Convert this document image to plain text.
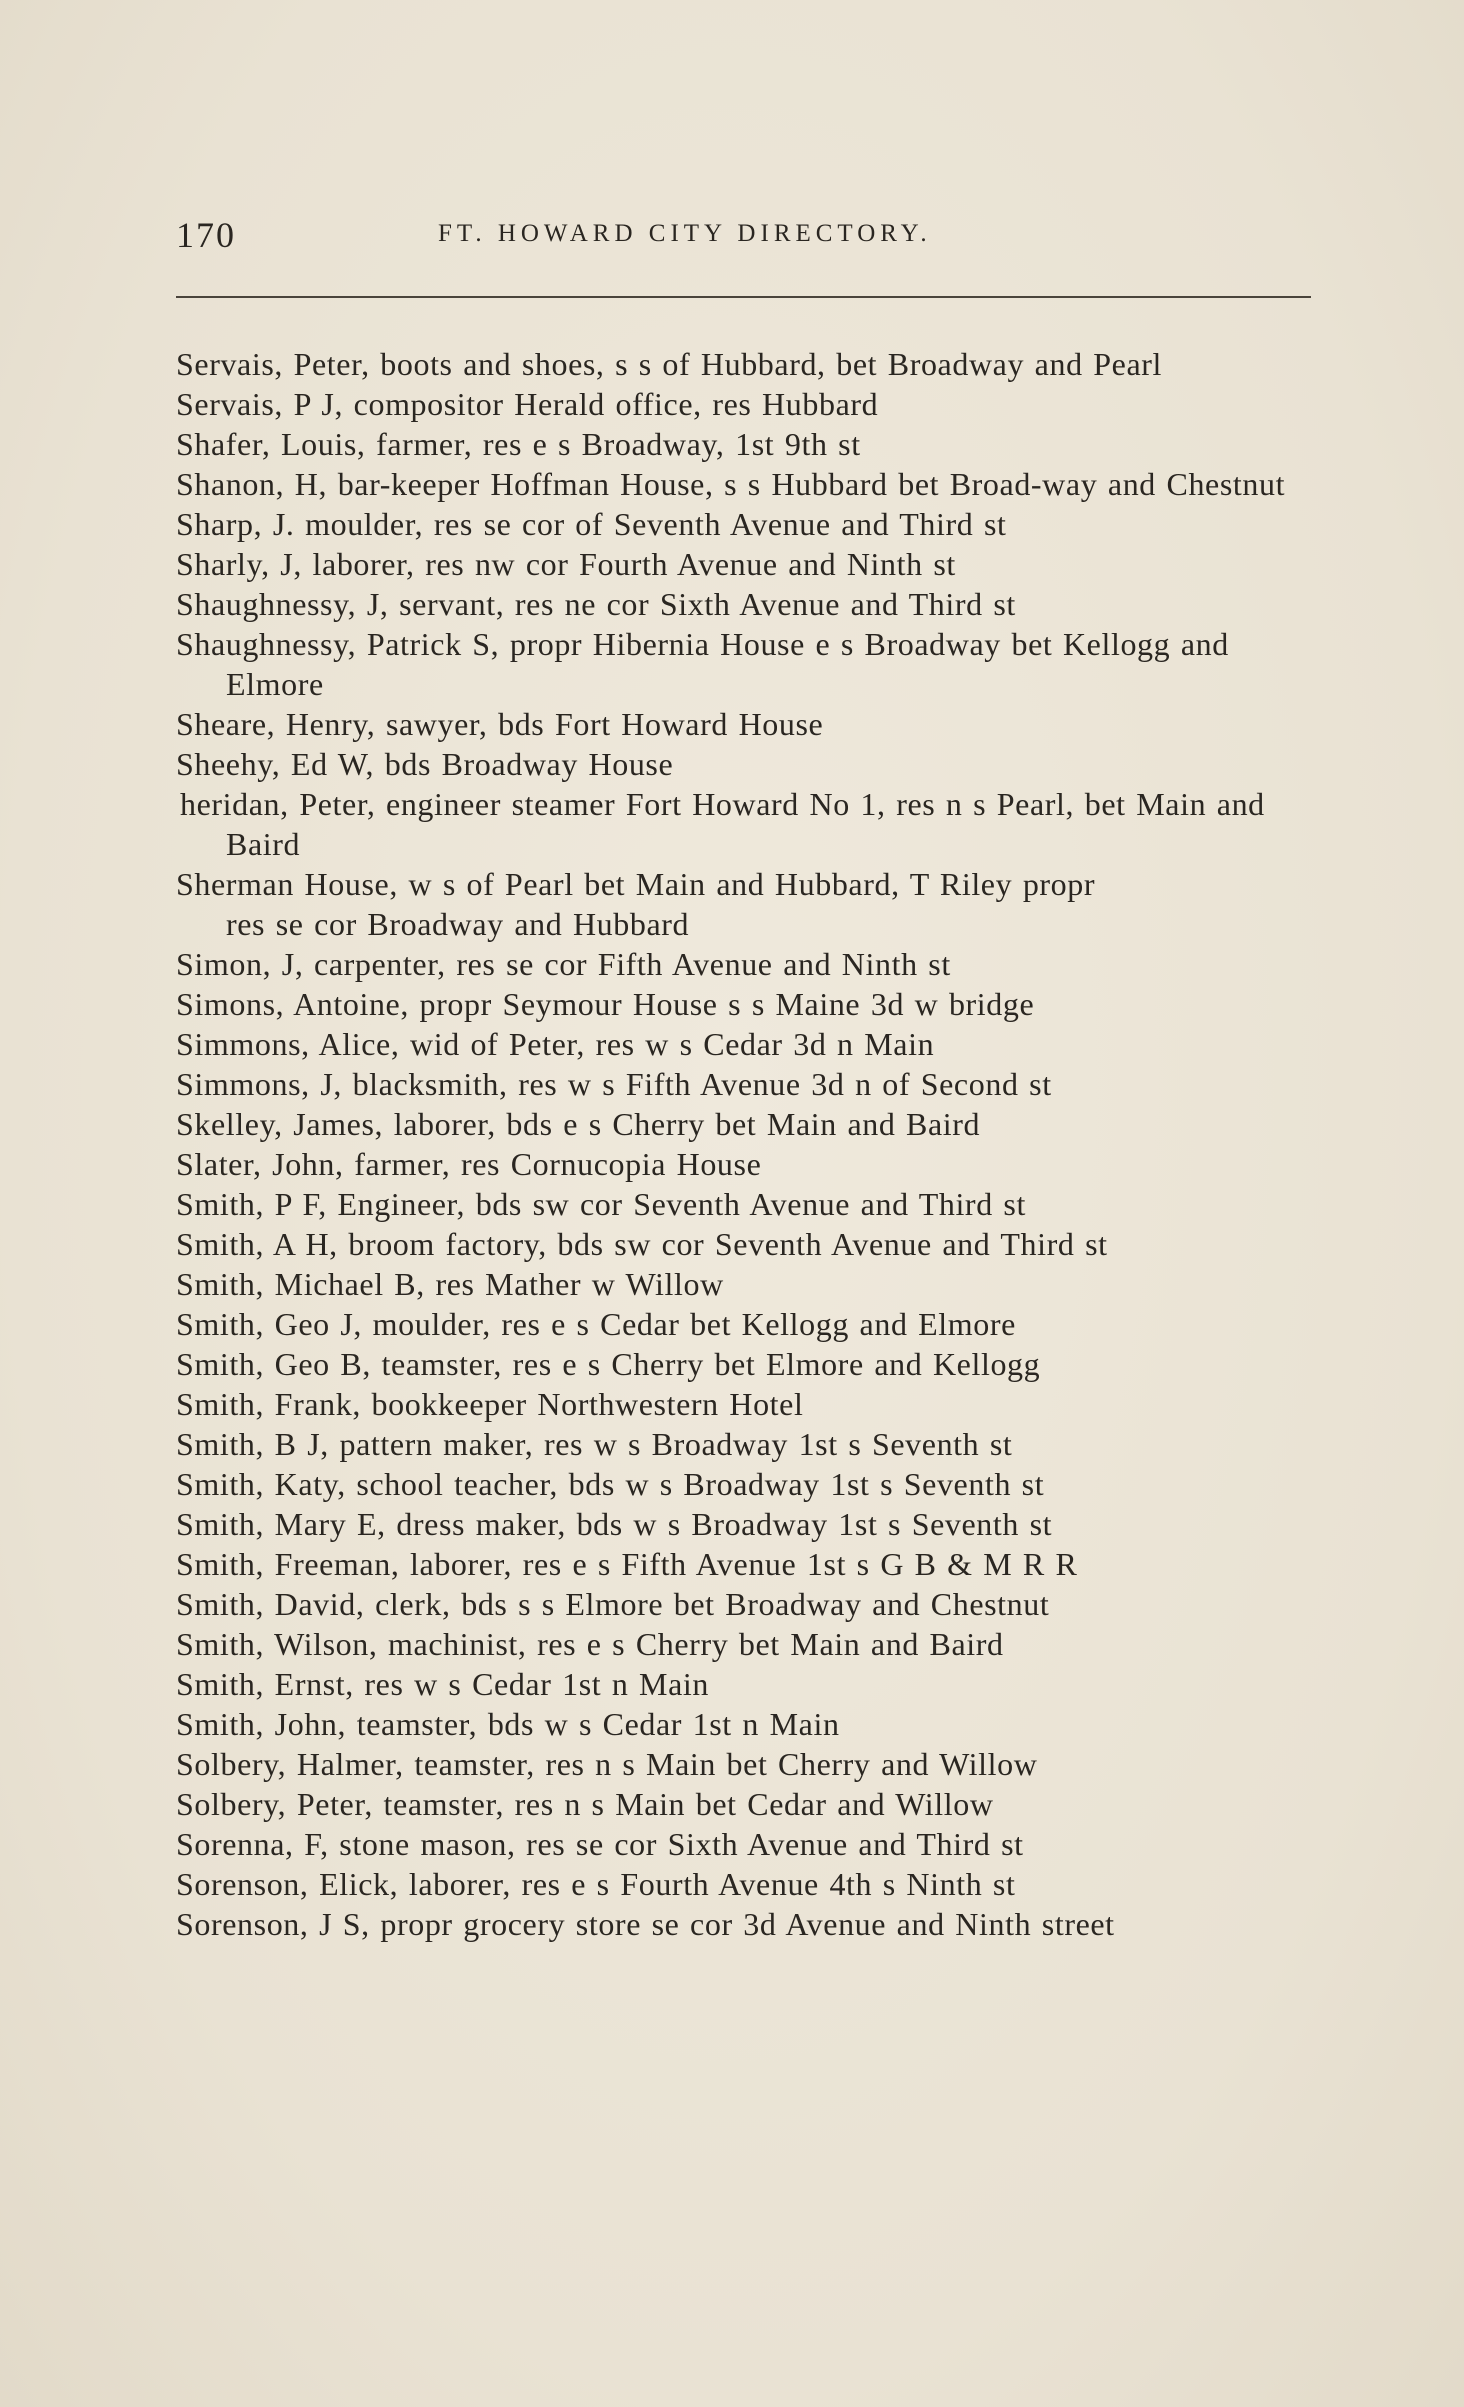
170	FT. HOWARD CITY DIRECTORY.
Servais, Peter, boots and shoes, s s of Hubbard, bet Broadway and Pearl
Servais, P J, compositor Herald office, res Hubbard
Shafer, Louis, farmer, res e s Broadway, 1st 9th st
Shanon, H, bar-keeper Hoffman House, s s Hubbard bet Broad-way and Chestnut
Sharp, J. moulder, res se cor of Seventh Avenue and Third st
Sharly, J, laborer, res nw cor Fourth Avenue and Ninth st
Shaughnessy, J, servant, res ne cor Sixth Avenue and Third st
Shaughnessy, Patrick S, propr Hibernia House e s Broadway bet Kellogg and Elmore
Sheare, Henry, sawyer, bds Fort Howard House
Sheehy, Ed W, bds Broadway House
heridan, Peter, engineer steamer Fort Howard No 1, res n s Pearl, bet Main and Baird
Sherman House, w s of Pearl bet Main and Hubbard, T Riley propr
res se cor Broadway and Hubbard
Simon, J, carpenter, res se cor Fifth Avenue and Ninth st
Simons, Antoine, propr Seymour House s s Maine 3d w bridge
Simmons, Alice, wid of Peter, res w s Cedar 3d n Main
Simmons, J, blacksmith, res w s Fifth Avenue 3d n of Second st
Skelley, James, laborer, bds e s Cherry bet Main and Baird
Slater, John, farmer, res Cornucopia House
Smith, P F, Engineer, bds sw cor Seventh Avenue and Third st
Smith, A H, broom factory, bds sw cor Seventh Avenue and Third st
Smith, Michael B, res Mather w Willow
Smith, Geo J, moulder, res e s Cedar bet Kellogg and Elmore
Smith, Geo B, teamster, res e s Cherry bet Elmore and Kellogg
Smith, Frank, bookkeeper Northwestern Hotel
Smith, B J, pattern maker, res w s Broadway 1st s Seventh st
Smith, Katy, school teacher, bds w s Broadway 1st s Seventh st
Smith, Mary E, dress maker, bds w s Broadway 1st s Seventh st
Smith, Freeman, laborer, res e s Fifth Avenue 1st s G B & M R R
Smith, David, clerk, bds s s Elmore bet Broadway and Chestnut
Smith, Wilson, machinist, res e s Cherry bet Main and Baird
Smith, Ernst, res w s Cedar 1st n Main
Smith, John, teamster, bds w s Cedar 1st n Main
Solbery, Halmer, teamster, res n s Main bet Cherry and Willow
Solbery, Peter, teamster, res n s Main bet Cedar and Willow
Sorenna, F, stone mason, res se cor Sixth Avenue and Third st
Sorenson, Elick, laborer, res e s Fourth Avenue 4th s Ninth st
Sorenson, J S, propr grocery store se cor 3d Avenue and Ninth street
